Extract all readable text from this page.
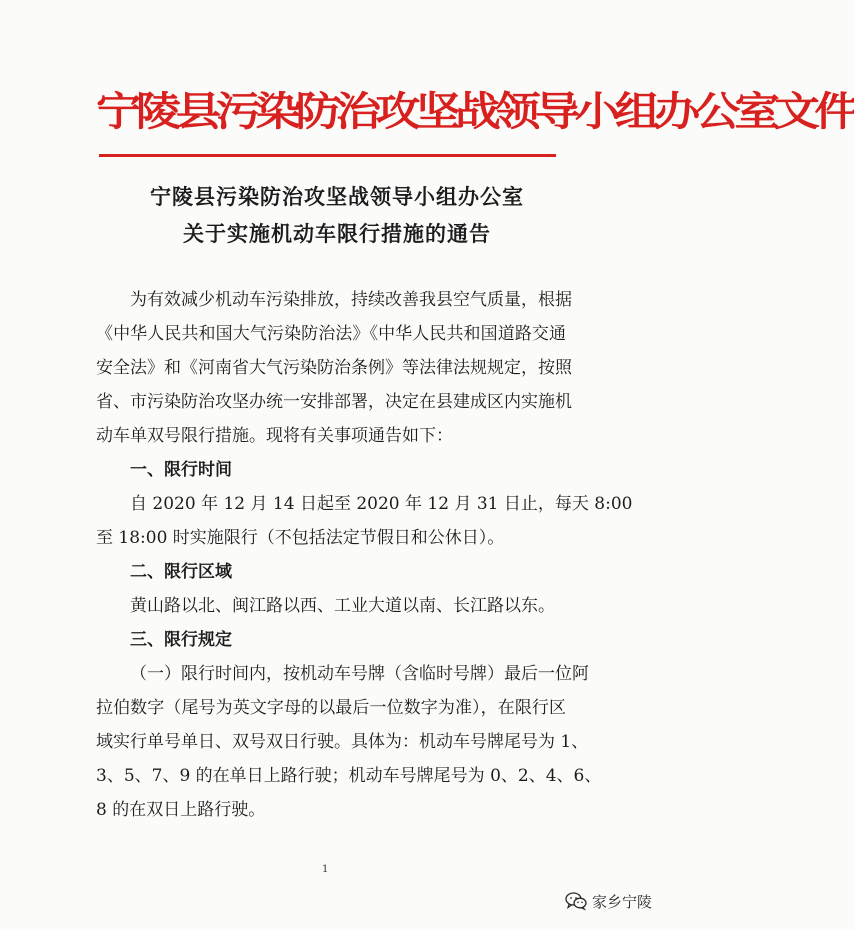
宁陵县污染防治攻坚战领导小组办公室文件
宁陵县污染防治攻坚战领导小组办公室
关于实施机动车限行措施的通告
为有效减少机动车污染排放，持续改善我县空气质量，根据
《中华人民共和国大气污染防治法》《中华人民共和国道路交通
安全法》和《河南省大气污染防治条例》等法律法规规定，按照
省、市污染防治攻坚办统一安排部署，决定在县建成区内实施机
动车单双号限行措施。现将有关事项通告如下：
一、限行时间
自 2020 年 12 月 14 日起至 2020 年 12 月 31 日止，每天 8:00
至 18:00 时实施限行（不包括法定节假日和公休日）。
二、限行区域
黄山路以北、闽江路以西、工业大道以南、长江路以东。
三、限行规定
（一）限行时间内，按机动车号牌（含临时号牌）最后一位阿
拉伯数字（尾号为英文字母的以最后一位数字为准），在限行区
域实行单号单日、双号双日行驶。具体为：机动车号牌尾号为 1、
3、5、7、9 的在单日上路行驶；机动车号牌尾号为 0、2、4、6、
8 的在双日上路行驶。
1
家乡宁陵
